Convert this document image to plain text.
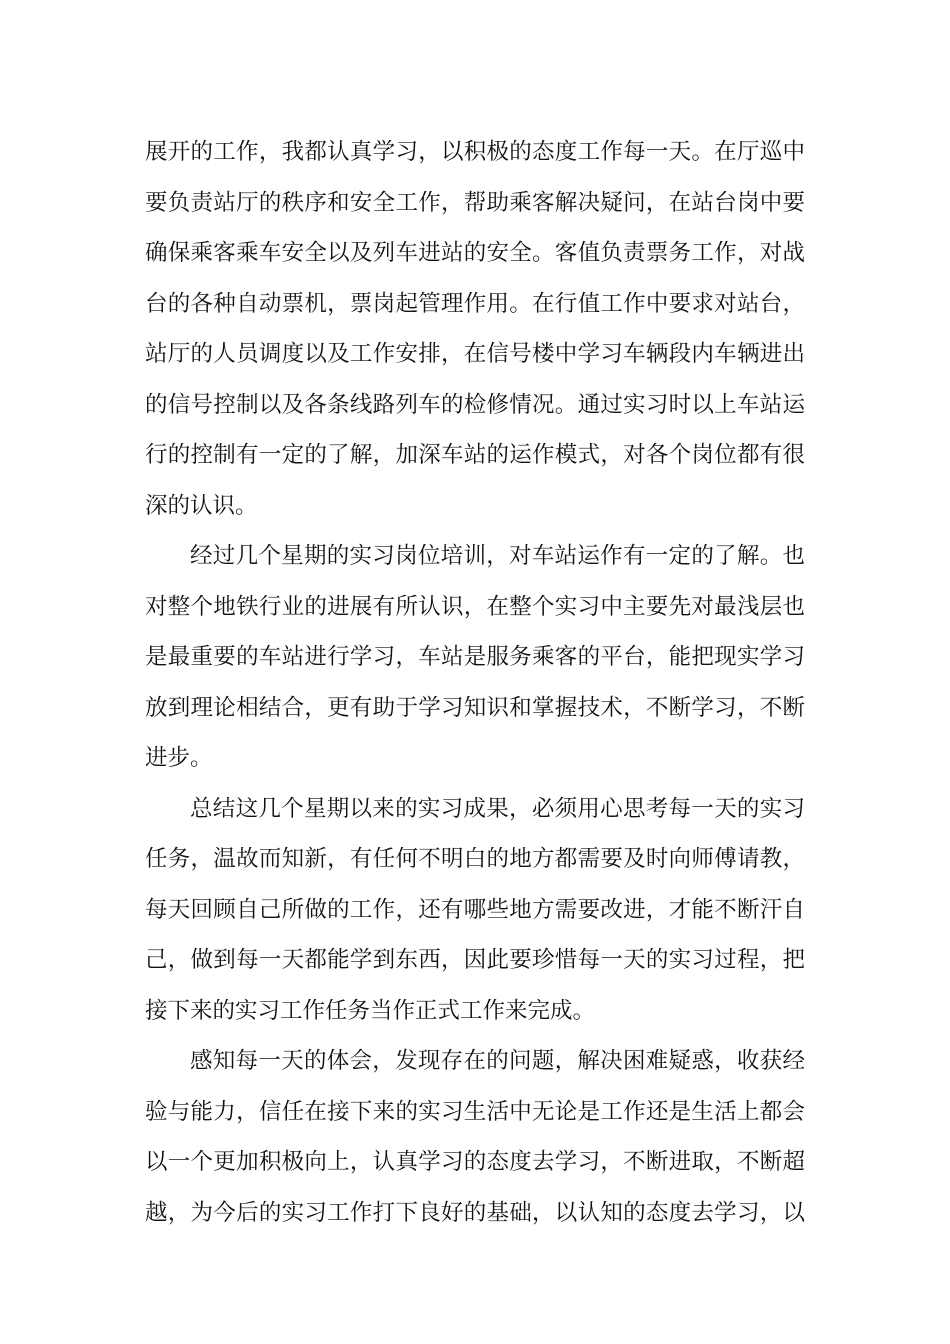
展开的工作，我都认真学习，以积极的态度工作每一天。在厅巡中
要负责站厅的秩序和安全工作，帮助乘客解决疑问，在站台岗中要
确保乘客乘车安全以及列车进站的安全。客值负责票务工作，对战
台的各种自动票机，票岗起管理作用。在行值工作中要求对站台，
站厅的人员调度以及工作安排，在信号楼中学习车辆段内车辆进出
的信号控制以及各条线路列车的检修情况。通过实习时以上车站运
行的控制有一定的了解，加深车站的运作模式，对各个岗位都有很
深的认识。
经过几个星期的实习岗位培训，对车站运作有一定的了解。也
对整个地铁行业的进展有所认识，在整个实习中主要先对最浅层也
是最重要的车站进行学习，车站是服务乘客的平台，能把现实学习
放到理论相结合，更有助于学习知识和掌握技术，不断学习，不断
进步。
总结这几个星期以来的实习成果，必须用心思考每一天的实习
任务，温故而知新，有任何不明白的地方都需要及时向师傅请教，
每天回顾自己所做的工作，还有哪些地方需要改进，才能不断汗自
己，做到每一天都能学到东西，因此要珍惜每一天的实习过程，把
接下来的实习工作任务当作正式工作来完成。
感知每一天的体会，发现存在的问题，解决困难疑惑，收获经
验与能力，信任在接下来的实习生活中无论是工作还是生活上都会
以一个更加积极向上，认真学习的态度去学习，不断进取，不断超
越，为今后的实习工作打下良好的基础，以认知的态度去学习，以
